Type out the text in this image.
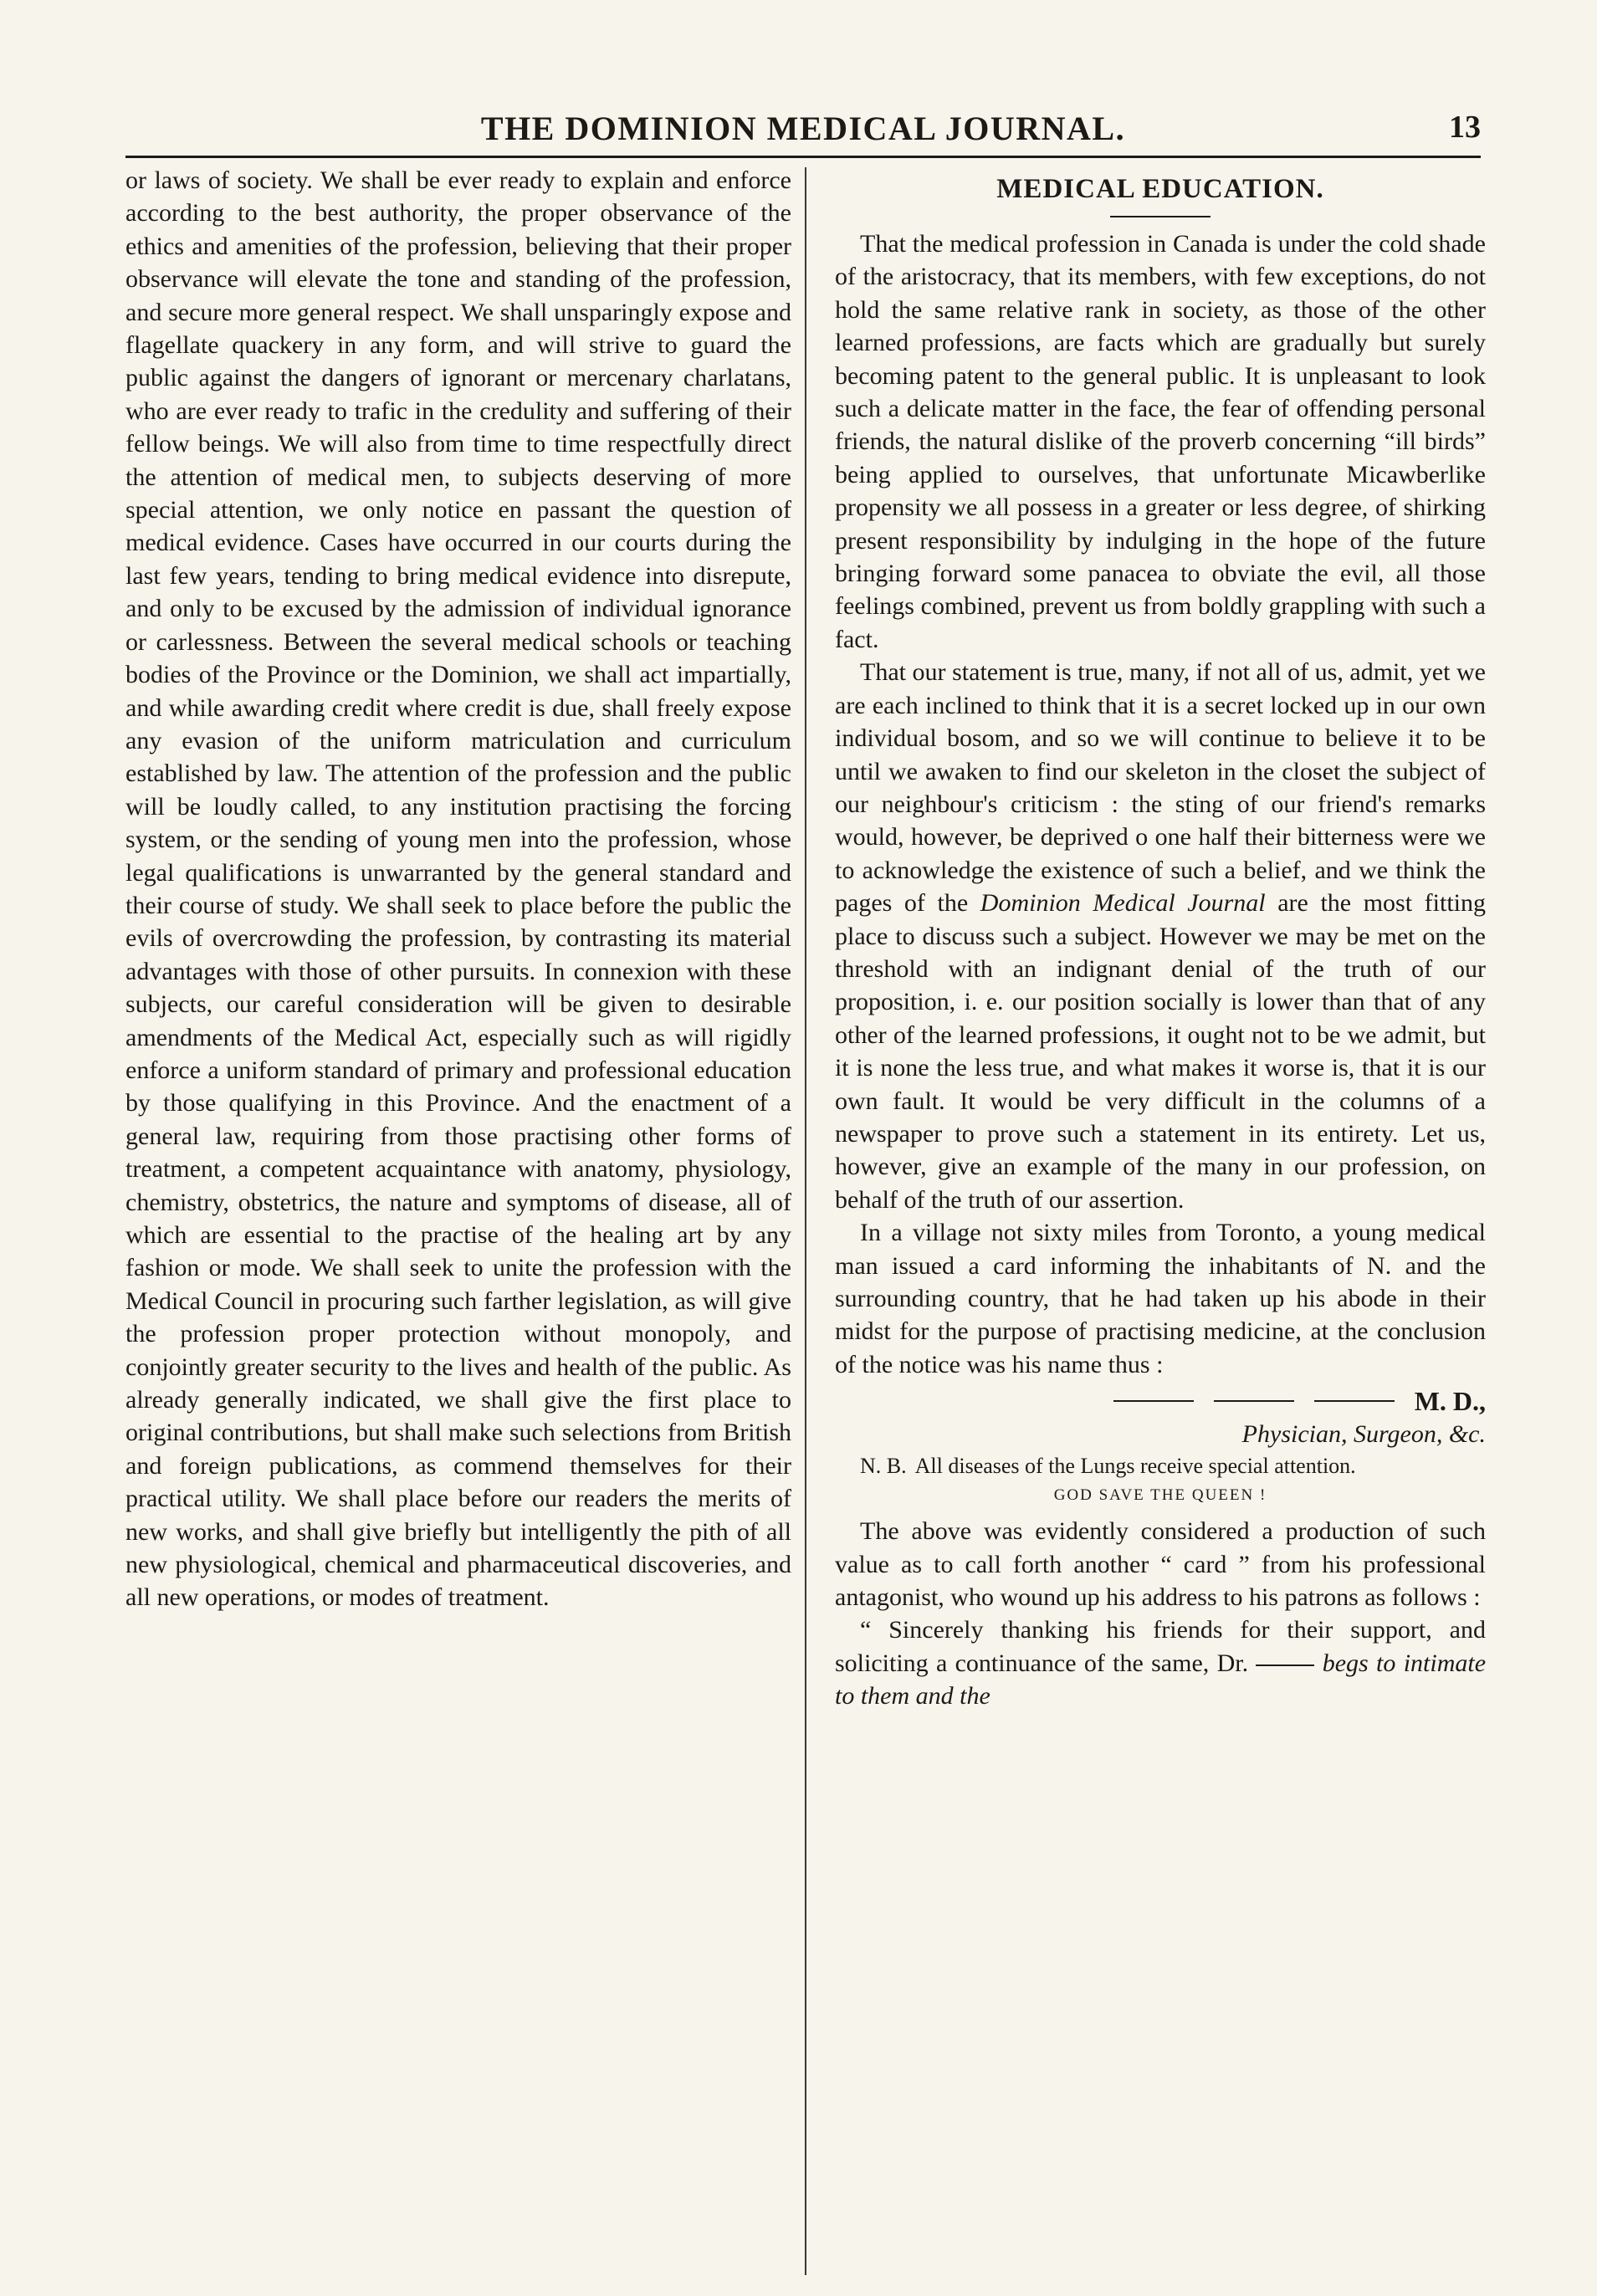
THE DOMINION MEDICAL JOURNAL.	13

or laws of society. We shall be ever ready to explain and enforce according to the best authority, the proper observance of the ethics and amenities of the profession, believing that their proper observance will elevate the tone and standing of the profession, and secure more general respect. We shall unsparingly expose and flagellate quackery in any form, and will strive to guard the public against the dangers of ignorant or mercenary charlatans, who are ever ready to trafic in the credulity and suffering of their fellow beings. We will also from time to time respectfully direct the attention of medical men, to subjects deserving of more special attention, we only notice en passant the question of medical evidence. Cases have occurred in our courts during the last few years, tending to bring medical evidence into disrepute, and only to be excused by the admission of individual ignorance or carlessness. Between the several medical schools or teaching bodies of the Province or the Dominion, we shall act impartially, and while awarding credit where credit is due, shall freely expose any evasion of the uniform matriculation and curriculum established by law. The attention of the profession and the public will be loudly called, to any institution practising the forcing system, or the sending of young men into the profession, whose legal qualifications is unwarranted by the general standard and their course of study. We shall seek to place before the public the evils of overcrowding the profession, by contrasting its material advantages with those of other pursuits. In connexion with these subjects, our careful consideration will be given to desirable amendments of the Medical Act, especially such as will rigidly enforce a uniform standard of primary and professional education by those qualifying in this Province. And the enactment of a general law, requiring from those practising other forms of treatment, a competent acquaintance with anatomy, physiology, chemistry, obstetrics, the nature and symptoms of disease, all of which are essential to the practise of the healing art by any fashion or mode. We shall seek to unite the profession with the Medical Council in procuring such farther legislation, as will give the profession proper protection without monopoly, and conjointly greater security to the lives and health of the public. As already generally indicated, we shall give the first place to original contributions, but shall make such selections from British and foreign publications, as commend themselves for their practical utility. We shall place before our readers the merits of new works, and shall give briefly but intelligently the pith of all new physiological, chemical and pharmaceutical discoveries, and all new operations, or modes of treatment.

MEDICAL EDUCATION.

That the medical profession in Canada is under the cold shade of the aristocracy, that its members, with few exceptions, do not hold the same relative rank in society, as those of the other learned professions, are facts which are gradually but surely becoming patent to the general public. It is unpleasant to look such a delicate matter in the face, the fear of offending personal friends, the natural dislike of the proverb concerning “ill birds” being applied to ourselves, that unfortunate Micawberlike propensity we all possess in a greater or less degree, of shirking present responsibility by indulging in the hope of the future bringing forward some panacea to obviate the evil, all those feelings combined, prevent us from boldly grappling with such a fact.

That our statement is true, many, if not all of us, admit, yet we are each inclined to think that it is a secret locked up in our own individual bosom, and so we will continue to believe it to be until we awaken to find our skeleton in the closet the subject of our neighbour's criticism : the sting of our friend's remarks would, however, be deprived o one half their bitterness were we to acknowledge the existence of such a belief, and we think the pages of the Dominion Medical Journal are the most fitting place to discuss such a subject. However we may be met on the threshold with an indignant denial of the truth of our proposition, i. e. our position socially is lower than that of any other of the learned professions, it ought not to be we admit, but it is none the less true, and what makes it worse is, that it is our own fault. It would be very difficult in the columns of a newspaper to prove such a statement in its entirety. Let us, however, give an example of the many in our profession, on behalf of the truth of our assertion.

In a village not sixty miles from Toronto, a young medical man issued a card informing the inhabitants of N. and the surrounding country, that he had taken up his abode in their midst for the purpose of practising medicine, at the conclusion of the notice was his name thus :

M. D.,
Physician, Surgeon, &c.

N. B. All diseases of the Lungs receive special attention.

GOD SAVE THE QUEEN !

The above was evidently considered a production of such value as to call forth another “ card ” from his professional antagonist, who wound up his address to his patrons as follows :

“ Sincerely thanking his friends for their support, and soliciting a continuance of the same, Dr.	begs to intimate to them and the
